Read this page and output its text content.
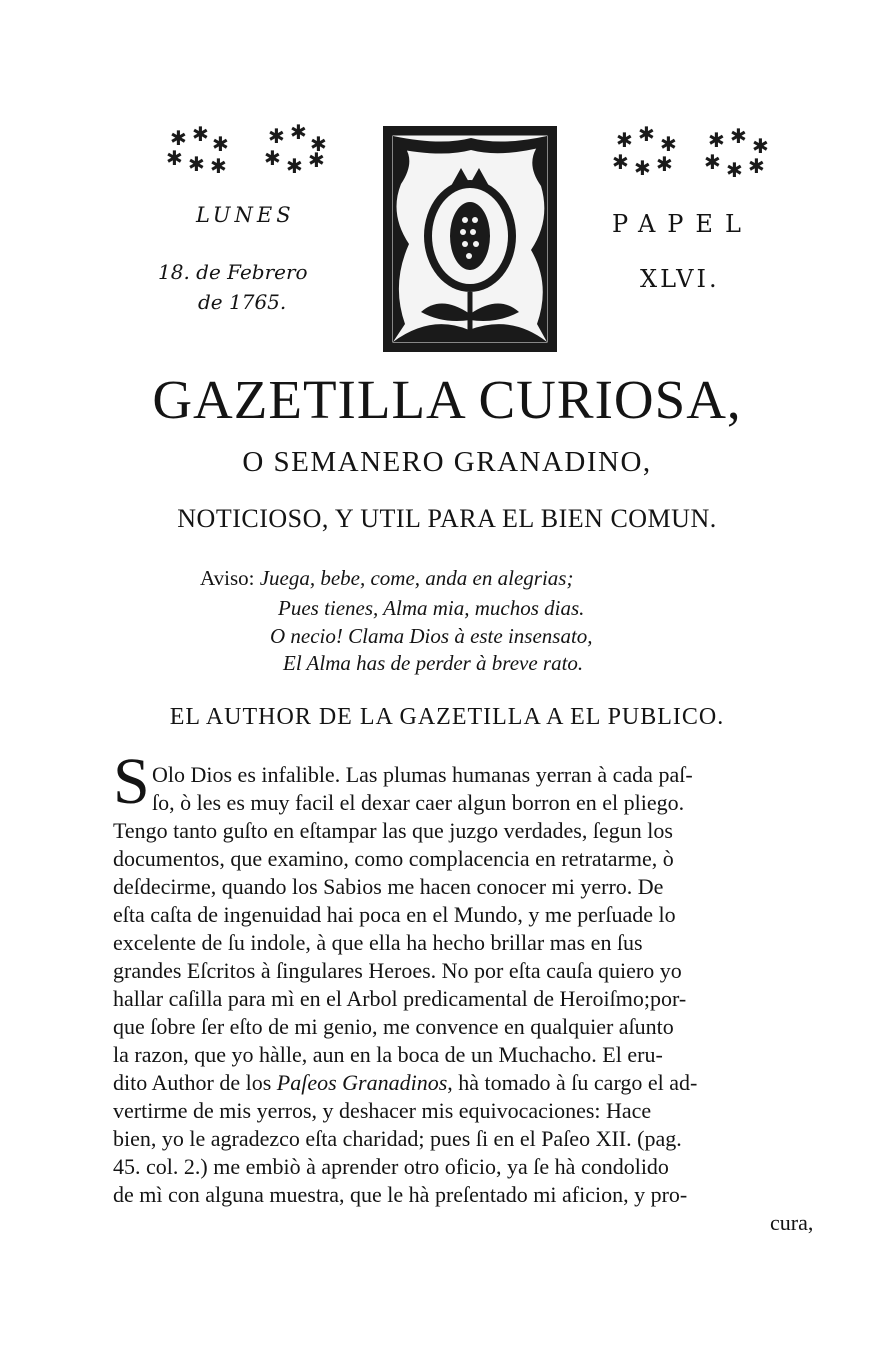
✱ ✱ ✱
✱ ✱ ✱
✱ ✱ ✱
✱ ✱ ✱
✱ ✱ ✱
✱ ✱ ✱
✱ ✱ ✱
✱ ✱ ✱
LUNES
18. de Febrero
de 1765.
PAPEL
XLVI.
GAZETILLA CURIOSA,
O SEMANERO GRANADINO,
NOTICIOSO, Y UTIL PARA EL BIEN COMUN.
Aviso: Juega, bebe, come, anda en alegrias;
Pues tienes, Alma mia, muchos dias.
O necio! Clama Dios à este insensato,
El Alma has de perder à breve rato.
EL AUTHOR DE LA GAZETILLA A EL PUBLICO.
S Olo Dios es infalible. Las plumas humanas yerran à cada paſ-
ſo, ò les es muy facil el dexar caer algun borron en el pliego.
Tengo tanto guſto en eſtampar las que juzgo verdades, ſegun los
documentos, que examino, como complacencia en retratarme, ò
deſdecirme, quando los Sabios me hacen conocer mi yerro. De
eſta caſta de ingenuidad hai poca en el Mundo, y me perſuade lo
excelente de ſu indole, à que ella ha hecho brillar mas en ſus
grandes Eſcritos à ſingulares Heroes. No por eſta cauſa quiero yo
hallar caſilla para mì en el Arbol predicamental de Heroiſmo;por-
que ſobre ſer eſto de mi genio, me convence en qualquier aſunto
la razon, que yo hàlle, aun en la boca de un Muchacho. El eru-
dito Author de los Paſeos Granadinos, hà tomado à ſu cargo el ad-
vertirme de mis yerros, y deshacer mis equivocaciones: Hace
bien, yo le agradezco eſta charidad; pues ſi en el Paſeo XII. (pag.
45. col. 2.) me embiò à aprender otro oficio, ya ſe hà condolido
de mì con alguna muestra, que le hà preſentado mi aficion, y pro-
cura,
